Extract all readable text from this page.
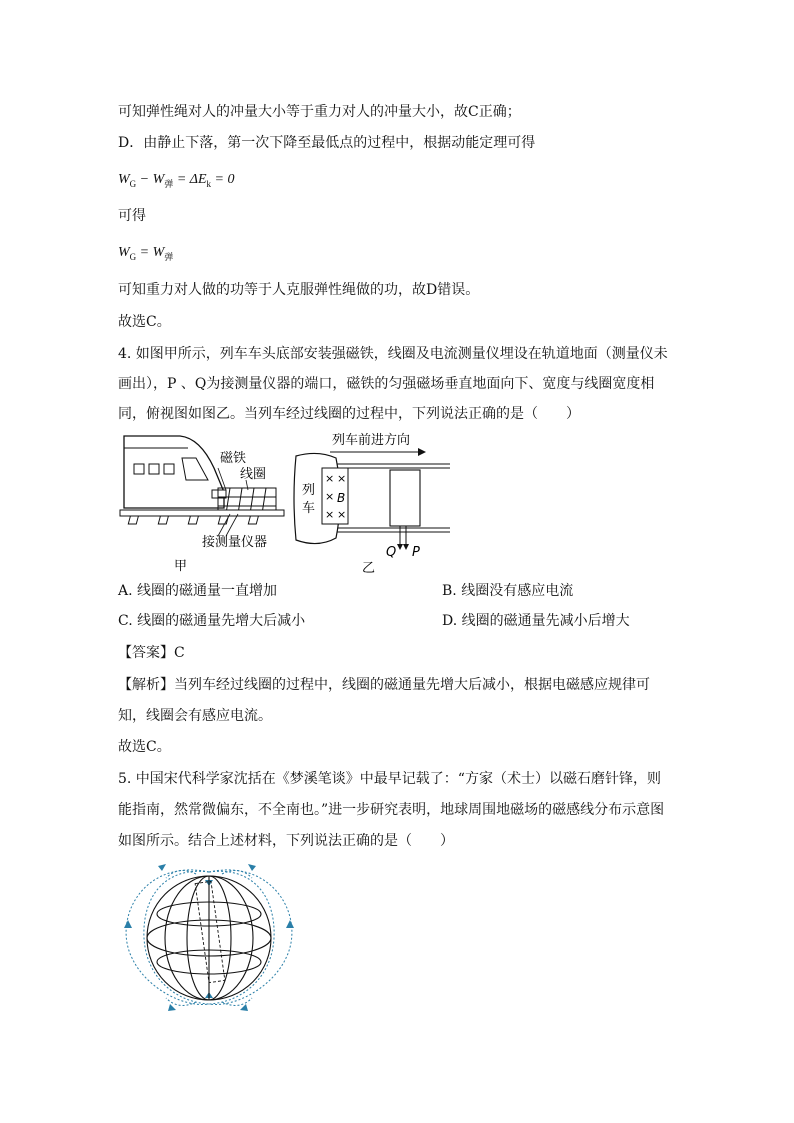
可知弹性绳对人的冲量大小等于重力对人的冲量大小，故C正确；
D．由静止下落，第一次下降至最低点的过程中，根据动能定理可得
$W_G - W_弹 = \Delta E_k = 0$
可得
$W_G = W_弹$
可知重力对人做的功等于人克服弹性绳做的功，故D错误。
故选C。
4. 如图甲所示，列车车头底部安装强磁铁，线圈及电流测量仪埋设在轨道地面（测量仪未
画出），P 、Q为接测量仪器的端口，磁铁的匀强磁场垂直地面向下、宽度与线圈宽度相
同，俯视图如图乙。当列车经过线圈的过程中，下列说法正确的是（　　）
磁铁
线圈
接测量仪器
甲
列车前进方向
列
车
× ×
× B
× ×
Q P
乙
A. 线圈的磁通量一直增加	B. 线圈没有感应电流
C. 线圈的磁通量先增大后减小	D. 线圈的磁通量先减小后增大
【答案】C
【解析】当列车经过线圈的过程中，线圈的磁通量先增大后减小，根据电磁感应规律可
知，线圈会有感应电流。
故选C。
5. 中国宋代科学家沈括在《梦溪笔谈》中最早记载了：“方家（术士）以磁石磨针锋，则
能指南，然常微偏东，不全南也。”进一步研究表明，地球周围地磁场的磁感线分布示意图
如图所示。结合上述材料，下列说法正确的是（　　）
